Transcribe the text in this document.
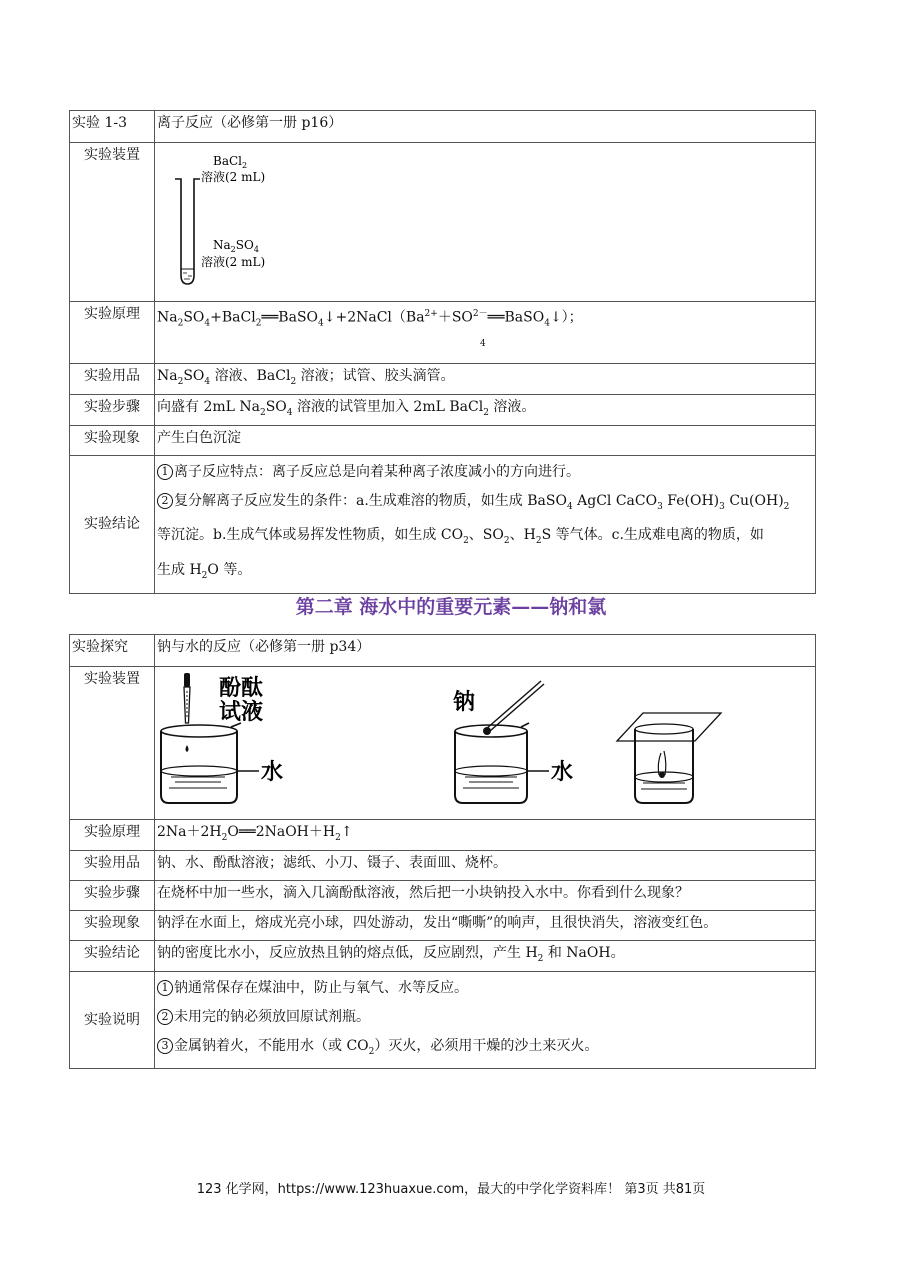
实验 1-3	离子反应（必修第一册 p16）
实验装置	BaCl$_2$
溶液(2 mL)
$Na_2SO_4$
溶液(2 mL)

实验原理	$Na_2SO_4+BaCl_2══BaSO_4↓+2NaCl(Ba^{2+}+SO^{2-}══BaSO_4↓)$；
4

实验用品	$Na_2SO_4$ 溶液、BaCl$_2$ 溶液；试管、胶头滴管。
实验步骤	向盛有 2mL $Na_2SO_4$ 溶液的试管里加入 2mL BaCl$_2$ 溶液。
实验现象	产生白色沉淀
实验结论	1 离子反应特点：离子反应总是向着某种离子浓度减小的方向进行。
2 复分解离子反应发生的条件：a.生成难溶的物质，如生成 BaSO$_4$ AgCl CaCO$_3$ $Fe(OH)_3$ $Cu(OH)_2$
等沉淀。b.生成气体或易挥发性物质，如生成 $CO_2$、$SO_2$、$H_2S$ 等气体。c.生成难电离的物质，如
生成 $H_2O$ 等。
第二章 海水中的重要元素——钠和氯
实验探究	钠与水的反应（必修第一册 p34）
实验装置	酚酞
试液
水
钠
水

实验原理	$2Na+2H_2O══2NaOH+H_2↑$
实验用品	钠、水、酚酞溶液；滤纸、小刀、镊子、表面皿、烧杯。
实验步骤	在烧杯中加一些水，滴入几滴酚酞溶液，然后把一小块钠投入水中。你看到什么现象？
实验现象	钠浮在水面上，熔成光亮小球，四处游动，发出“嘶嘶”的响声，且很快消失，溶液变红色。
实验结论	钠的密度比水小，反应放热且钠的熔点低，反应剧烈，产生 $H_2$ 和 NaOH。
实验说明	1 钠通常保存在煤油中，防止与氧气、水等反应。
2 未用完的钠必须放回原试剂瓶。
3 金属钠着火，不能用水（或 $CO_2$）灭火，必须用干燥的沙土来灭火。
123 化学网，https://www.123huaxue.com，最大的中学化学资料库！ 第3页 共81页
